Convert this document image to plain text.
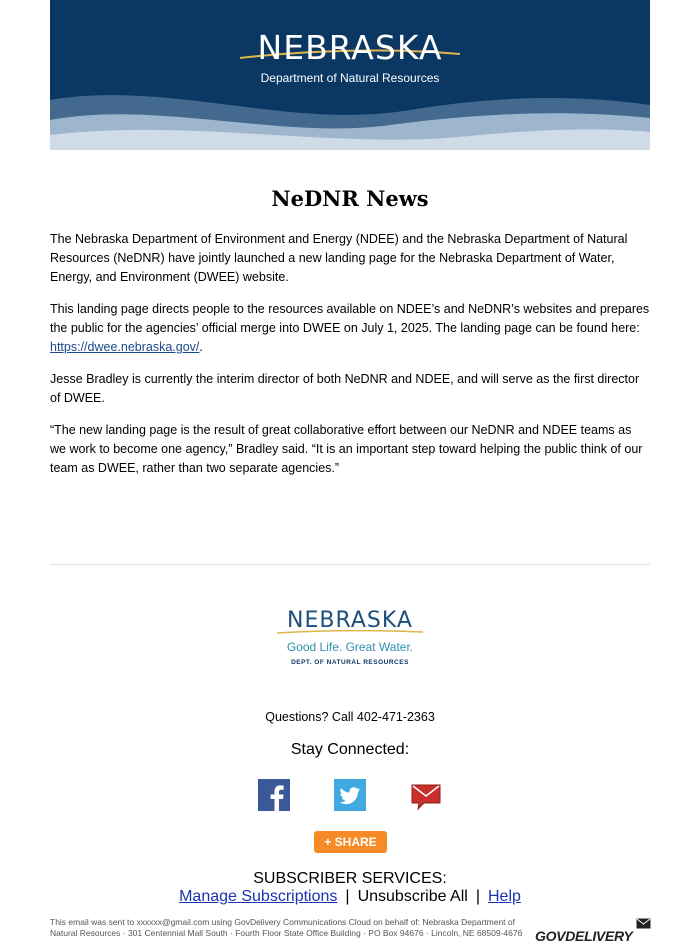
NEBRASKA
Department of Natural Resources
NeDNR News

The Nebraska Department of Environment and Energy (NDEE) and the Nebraska Department of Natural Resources (NeDNR) have jointly launched a new landing page for the Nebraska Department of Water, Energy, and Environment (DWEE) website.

This landing page directs people to the resources available on NDEE’s and NeDNR’s websites and prepares the public for the agencies’ official merge into DWEE on July 1, 2025. The landing page can be found here: https://dwee.nebraska.gov/.

Jesse Bradley is currently the interim director of both NeDNR and NDEE, and will serve as the first director of DWEE.

“The new landing page is the result of great collaborative effort between our NeDNR and NDEE teams as we work to become one agency,” Bradley said. “It is an important step toward helping the public think of our team as DWEE, rather than two separate agencies.”

NEBRASKA
Good Life. Great Water.
DEPT. OF NATURAL RESOURCES
Questions? Call 402-471-2363
Stay Connected:
+ SHARE
SUBSCRIBER SERVICES:
Manage Subscriptions | Unsubscribe All | Help
This email was sent to xxxxxx@gmail.com using GovDelivery Communications Cloud on behalf of: Nebraska Department of Natural Resources · 301 Centennial Mall South · Fourth Floor State Office Building · PO Box 94676 · Lincoln, NE 68509-4676 GOVDELIVERY
